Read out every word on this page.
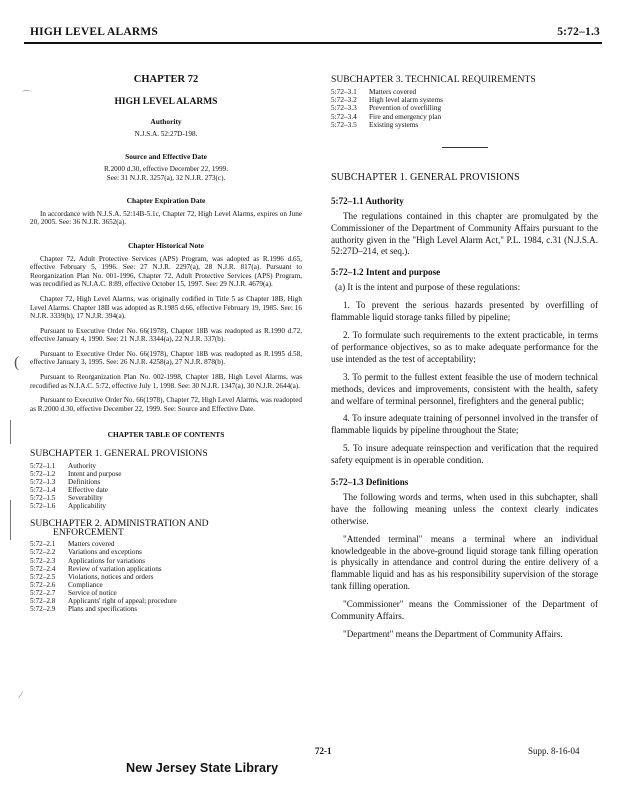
HIGH LEVEL ALARMS	5:72–1.3
CHAPTER 72
HIGH LEVEL ALARMS
Authority
N.J.S.A. 52:27D-198.
Source and Effective Date
R.2000 d.30, effective December 22, 1999.
See: 31 N.J.R. 3257(a), 32 N.J.R. 273(c).
Chapter Expiration Date

In accordance with N.J.S.A. 52:14B-5.1c, Chapter 72, High Level Alarms, expires on June 20, 2005. See: 36 N.J.R. 3652(a).

Chapter Historical Note

Chapter 72, Adult Protective Services (APS) Program, was adopted as R.1996 d.65, effective February 5, 1996. See: 27 N.J.R. 2297(a), 28 N.J.R. 817(a). Pursuant to Reorganization Plan No. 001-1996, Chapter 72, Adult Protective Services (APS) Program, was recodified as N.J.A.C. 8:89, effective October 15, 1997. See: 29 N.J.R. 4679(a).

Chapter 72, High Level Alarms, was originally codified in Title 5 as Chapter 18B, High Level Alarms. Chapter 18B was adopted as R.1985 d.66, effective February 19, 1985. See: 16 N.J.R. 3339(b), 17 N.J.R. 394(a).

Pursuant to Executive Order No. 66(1978), Chapter 18B was readopted as R.1990 d.72, effective January 4, 1990. See: 21 N.J.R. 3344(a), 22 N.J.R. 337(b).

Pursuant to Executive Order No. 66(1978), Chapter 18B was readopted as R.1995 d.58, effective January 3, 1995. See: 26 N.J.R. 4258(a), 27 N.J.R. 878(b).

Pursuant to Reorganization Plan No. 002-1998, Chapter 18B, High Level Alarms, was recodified as N.J.A.C. 5:72, effective July 1, 1998. See: 30 N.J.R. 1347(a), 30 N.J.R. 2644(a).

Pursuant to Executive Order No. 66(1978), Chapter 72, High Level Alarms, was readopted as R.2000 d.30, effective December 22, 1999. See: Source and Effective Date.

CHAPTER TABLE OF CONTENTS
SUBCHAPTER 1. GENERAL PROVISIONS
5:72–1.1	Authority
5:72–1.2	Intent and purpose
5:72–1.3	Definitions
5:72–1.4	Effective date
5:72–1.5	Severability
5:72–1.6	Applicability
SUBCHAPTER 2. ADMINISTRATION AND
ENFORCEMENT
5:72–2.1	Matters covered
5:72–2.2	Variations and exceptions
5:72–2.3	Applications for variations
5:72–2.4	Review of variation applications
5:72–2.5	Violations, notices and orders
5:72–2.6	Compliance
5:72–2.7	Service of notice
5:72–2.8	Applicants' right of appeal; procedure
5:72–2.9	Plans and specifications
SUBCHAPTER 3. TECHNICAL REQUIREMENTS
5:72–3.1	Matters covered
5:72–3.2	High level alarm systems
5:72–3.3	Prevention of overfilling
5:72–3.4	Fire and emergency plan
5:72–3.5	Existing systems
SUBCHAPTER 1. GENERAL PROVISIONS
5:72–1.1 Authority

The regulations contained in this chapter are promulgated by the Commissioner of the Department of Community Affairs pursuant to the authority given in the "High Level Alarm Act," P.L. 1984, c.31 (N.J.S.A. 52:27D–214, et seq.).

5:72–1.2 Intent and purpose

(a) It is the intent and purpose of these regulations:

1. To prevent the serious hazards presented by overfilling of flammable liquid storage tanks filled by pipeline;

2. To formulate such requirements to the extent practicable, in terms of performance objectives, so as to make adequate performance for the use intended as the test of acceptability;

3. To permit to the fullest extent feasible the use of modern technical methods, devices and improvements, consistent with the health, safety and welfare of terminal personnel, firefighters and the general public;

4. To insure adequate training of personnel involved in the transfer of flammable liquids by pipeline throughout the State;

5. To insure adequate reinspection and verification that the required safety equipment is in operable condition.

5:72–1.3 Definitions

The following words and terms, when used in this subchapter, shall have the following meaning unless the context clearly indicates otherwise.

"Attended terminal" means a terminal where an individual knowledgeable in the above-ground liquid storage tank filling operation is physically in attendance and control during the entire delivery of a flammable liquid and has as his responsibility supervision of the storage tank filling operation.

"Commissioner" means the Commissioner of the Department of Community Affairs.

"Department" means the Department of Community Affairs.

⌒
(
⁄
72-1	Supp. 8-16-04
New Jersey State Library
